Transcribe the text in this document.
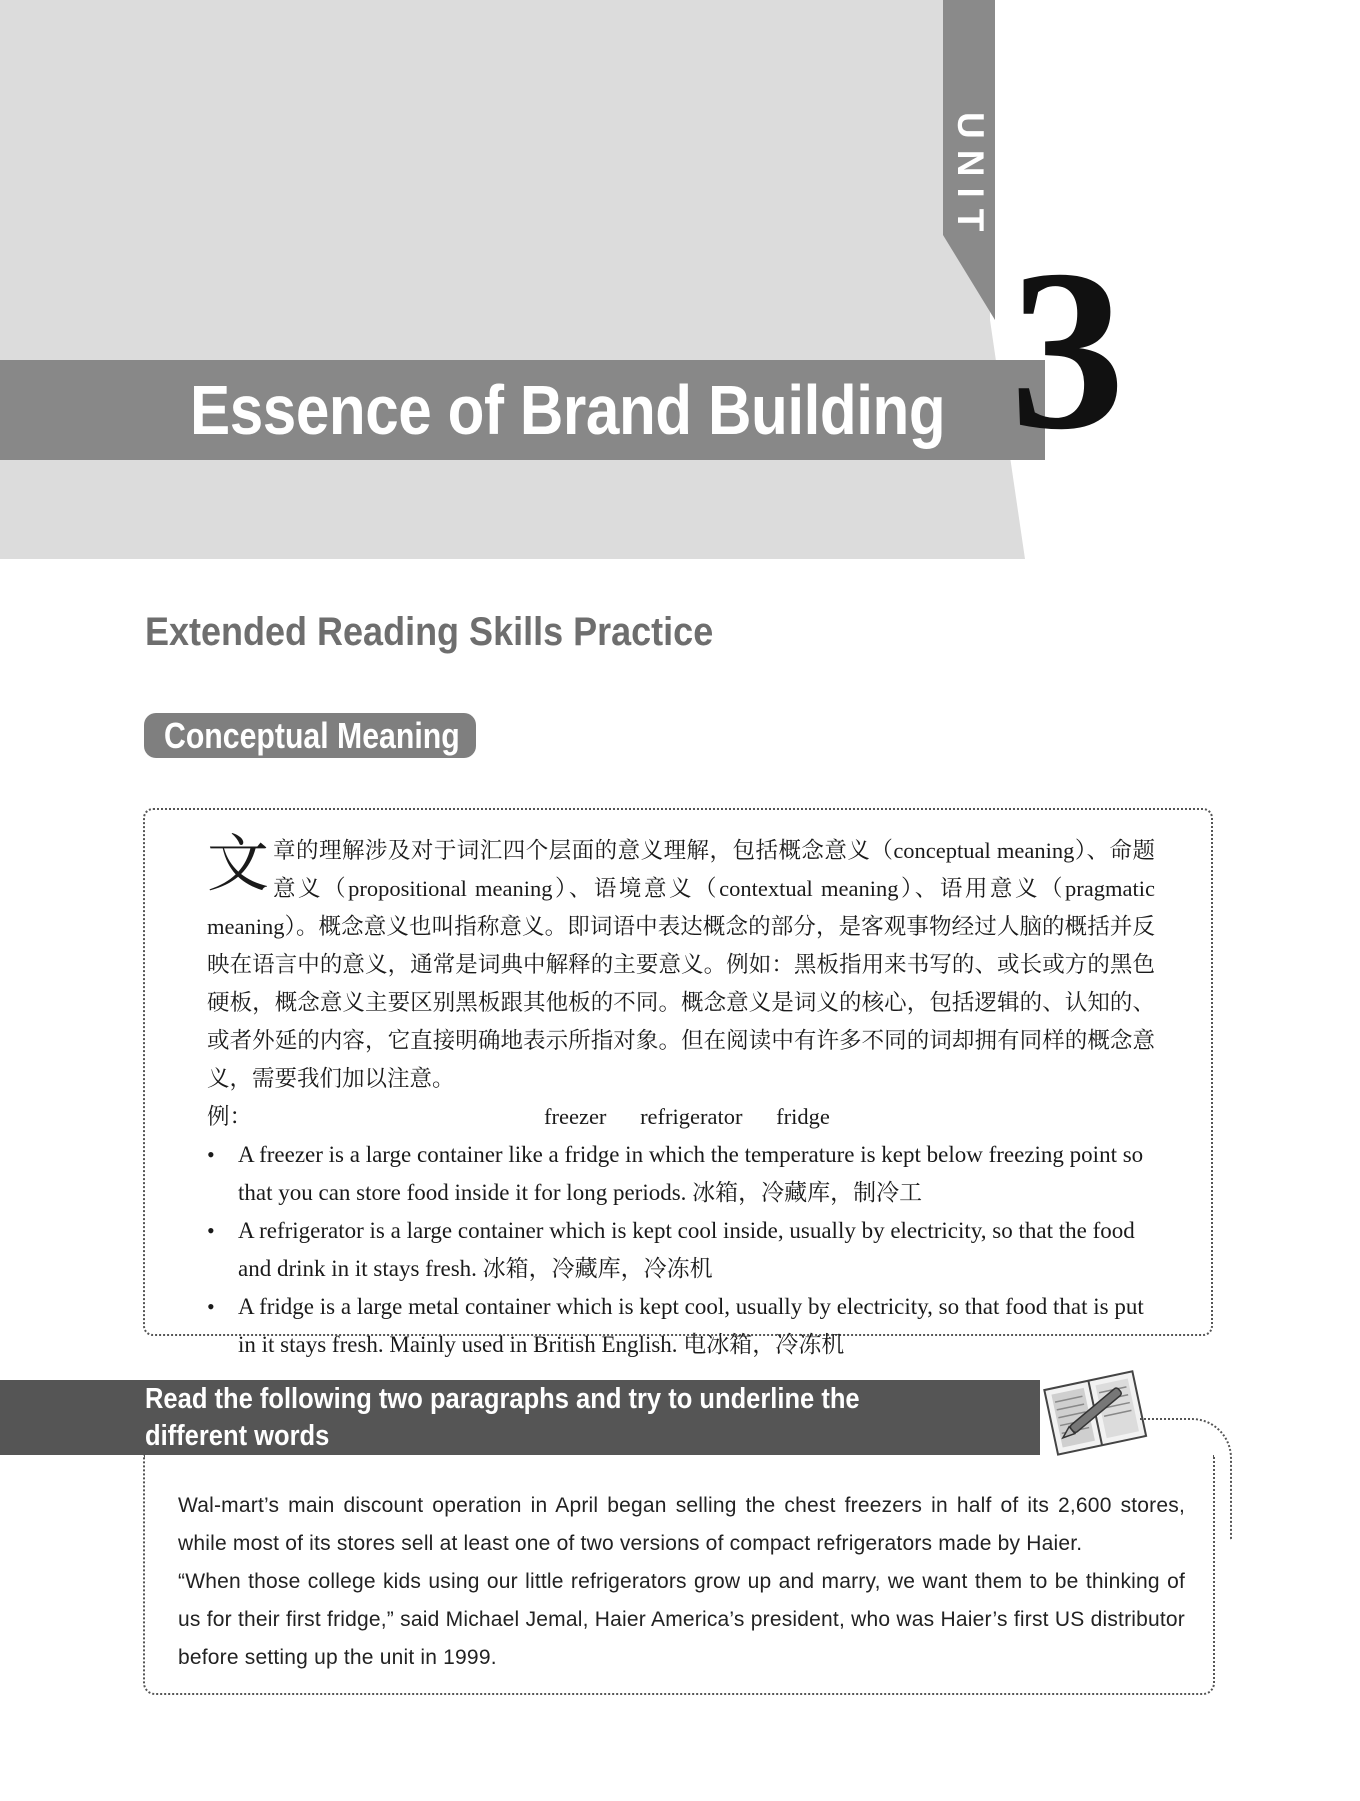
UNIT
Essence of Brand Building 3
Extended Reading Skills Practice
Conceptual Meaning

文章的理解涉及对于词汇四个层面的意义理解，包括概念意义（conceptual meaning）、命题意义（propositional meaning）、语境意义（contextual meaning）、语用意义（pragmatic meaning）。概念意义也叫指称意义。即词语中表达概念的部分，是客观事物经过人脑的概括并反映在语言中的意义，通常是词典中解释的主要意义。例如：黑板指用来书写的、或长或方的黑色硬板，概念意义主要区别黑板跟其他板的不同。概念意义是词义的核心，包括逻辑的、认知的、或者外延的内容，它直接明确地表示所指对象。但在阅读中有许多不同的词却拥有同样的概念意义，需要我们加以注意。

例：	freezer refrigerator fridge
• A freezer is a large container like a fridge in which the temperature is kept below freezing point so that you can store food inside it for long periods. 冰箱，冷藏库，制冷工
• A refrigerator is a large container which is kept cool inside, usually by electricity, so that the food and drink in it stays fresh. 冰箱，冷藏库，冷冻机
• A fridge is a large metal container which is kept cool, usually by electricity, so that food that is put in it stays fresh. Mainly used in British English. 电冰箱，冷冻机
Read the following two paragraphs and try to underline the different words
which have the same conceptual meaning.

Wal-mart’s main discount operation in April began selling the chest freezers in half of its 2,600 stores, while most of its stores sell at least one of two versions of compact refrigerators made by Haier.

“When those college kids using our little refrigerators grow up and marry, we want them to be thinking of us for their first fridge,” said Michael Jemal, Haier America’s president, who was Haier’s first US distributor before setting up the unit in 1999.
